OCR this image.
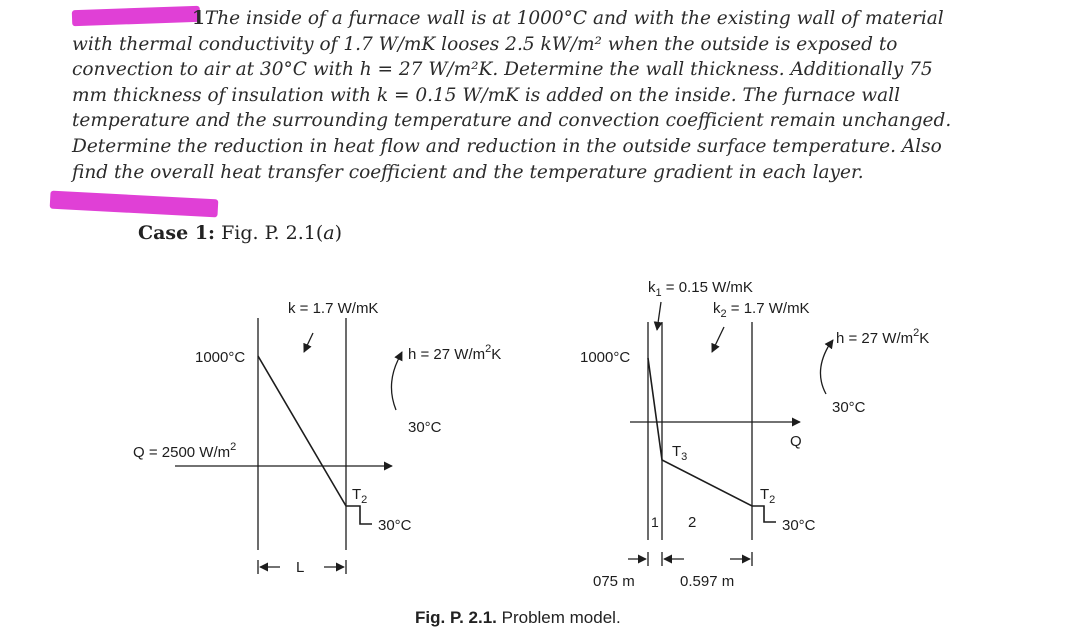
1The inside of a furnace wall is at 1000°C and with the existing wall of material
with thermal conductivity of 1.7 W/mK looses 2.5 kW/m² when the outside is exposed to
convection to air at 30°C with h = 27 W/m²K. Determine the wall thickness. Additionally 75
mm thickness of insulation with k = 0.15 W/mK is added on the inside. The furnace wall
temperature and the surrounding temperature and convection coefficient remain unchanged.
Determine the reduction in heat flow and reduction in the outside surface temperature. Also
find the overall heat transfer coefficient and the temperature gradient in each layer.
Case 1: Fig. P. 2.1(a)
k = 1.7 W/mK
1000°C
Q = 2500 $W/m^2$
h = 27 $W/m^2K$
30°C
$T_2$
30°C
L
$k_1 = 0.15$ W/mK
$k_2 = 1.7$ W/mK
1000°C
h = 27 $W/m^2K$
30°C
Q
$T_3$
$T_2$
30°C
1 2
075 m	0.597 m
Fig. P. 2.1. Problem model.
